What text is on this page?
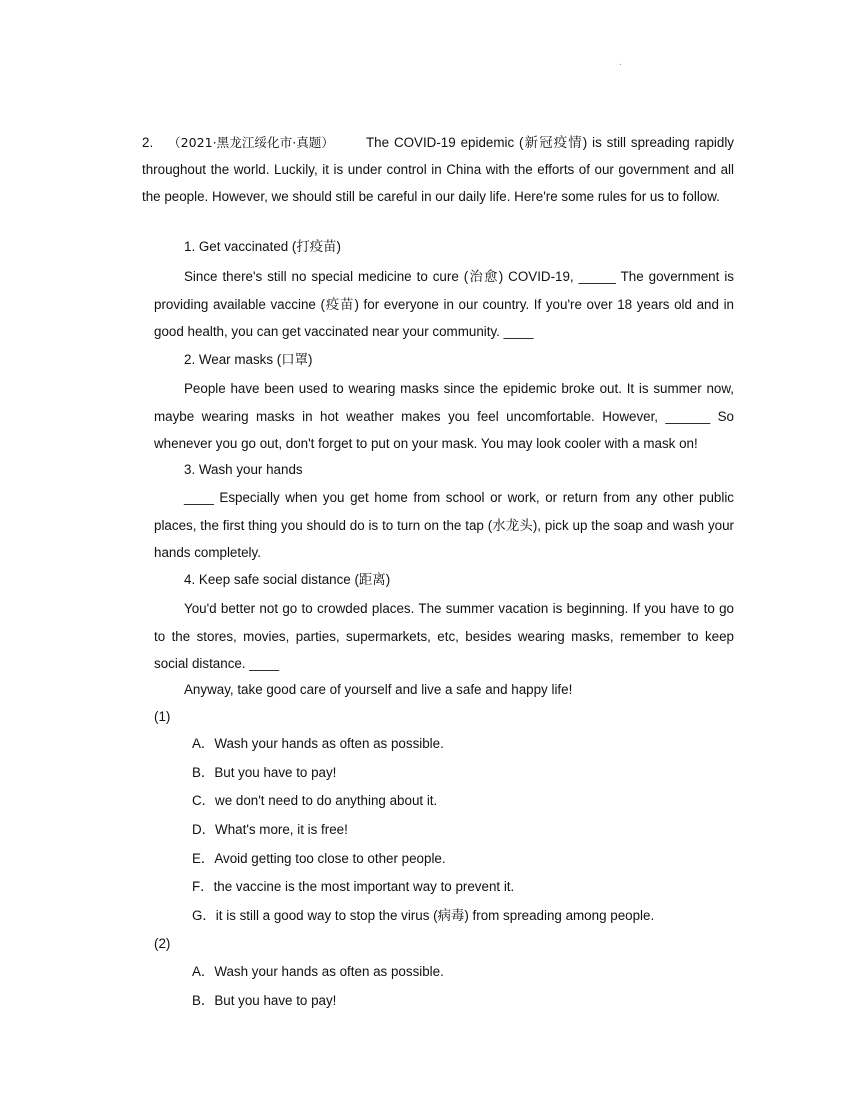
.
2. （2021·黑龙江绥化市·真题） The COVID-19 epidemic (新冠疫情) is still spreading rapidly throughout the world. Luckily, it is under control in China with the efforts of our government and all the people. However, we should still be careful in our daily life. Here're some rules for us to follow.
1. Get vaccinated (打疫苗)
Since there's still no special medicine to cure (治愈) COVID-19, _____ The government is providing available vaccine (疫苗) for everyone in our country. If you're over 18 years old and in good health, you can get vaccinated near your community. ____
2. Wear masks (口罩)
People have been used to wearing masks since the epidemic broke out. It is summer now, maybe wearing masks in hot weather makes you feel uncomfortable. However, ______ So whenever you go out, don't forget to put on your mask. You may look cooler with a mask on!
3. Wash your hands
____ Especially when you get home from school or work, or return from any other public places, the first thing you should do is to turn on the tap (水龙头), pick up the soap and wash your hands completely.
4. Keep safe social distance (距离)
You'd better not go to crowded places. The summer vacation is beginning. If you have to go to the stores, movies, parties, supermarkets, etc, besides wearing masks, remember to keep social distance. ____
Anyway, take good care of yourself and live a safe and happy life!
(1)
A．Wash your hands as often as possible.
B．But you have to pay!
C．we don't need to do anything about it.
D．What's more, it is free!
E．Avoid getting too close to other people.
F．the vaccine is the most important way to prevent it.
G．it is still a good way to stop the virus (病毒) from spreading among people.
(2)
A．Wash your hands as often as possible.
B．But you have to pay!
